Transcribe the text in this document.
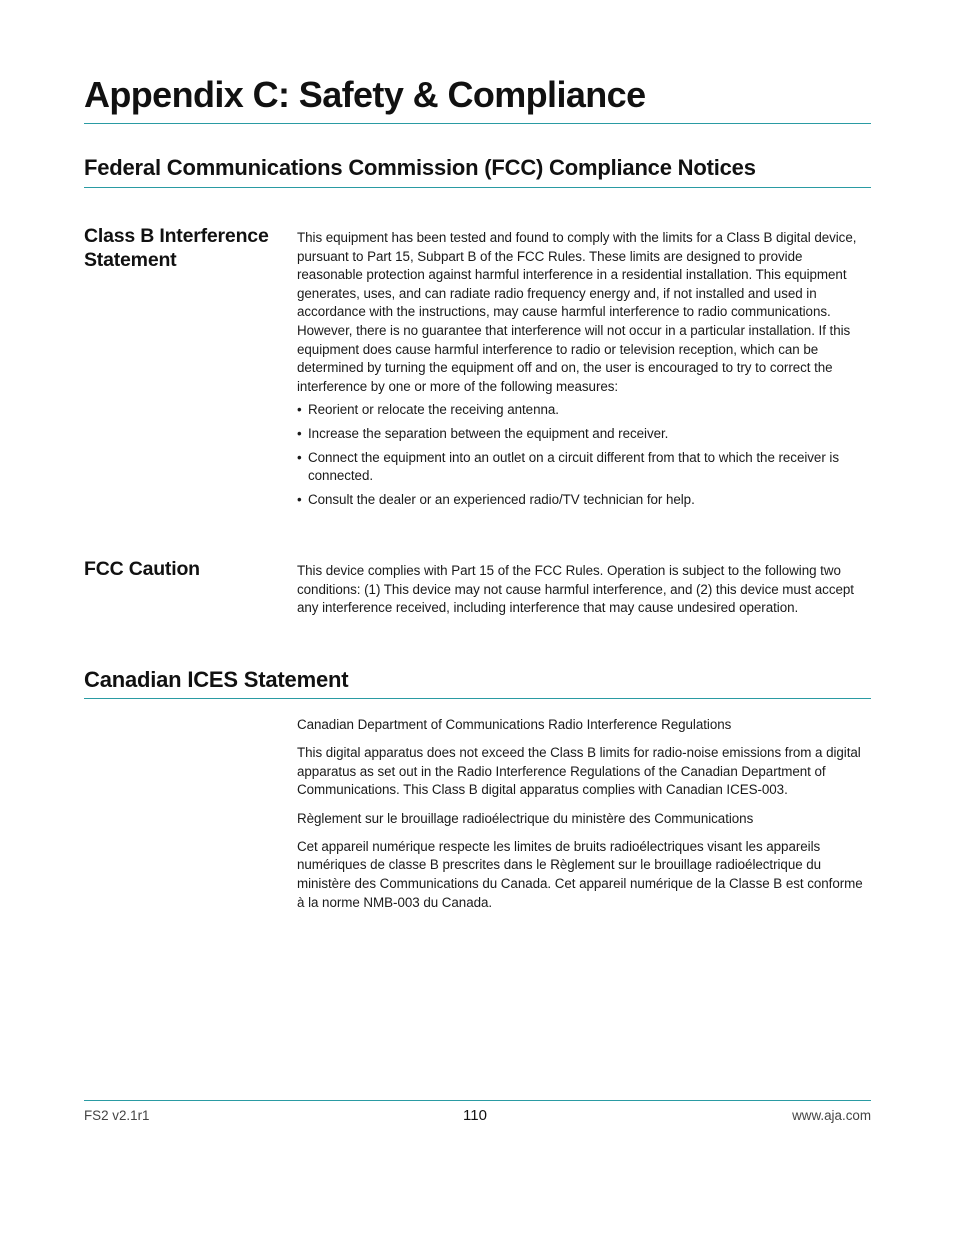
Appendix C: Safety & Compliance
Federal Communications Commission (FCC) Compliance Notices
Class B Interference Statement

This equipment has been tested and found to comply with the limits for a Class B digital device, pursuant to Part 15, Subpart B of the FCC Rules. These limits are designed to provide reasonable protection against harmful interference in a residential installation. This equipment generates, uses, and can radiate radio frequency energy and, if not installed and used in accordance with the instructions, may cause harmful interference to radio communications. However, there is no guarantee that interference will not occur in a particular installation. If this equipment does cause harmful interference to radio or television reception, which can be determined by turning the equipment off and on, the user is encouraged to try to correct the interference by one or more of the following measures:

• Reorient or relocate the receiving antenna.
• Increase the separation between the equipment and receiver.
• Connect the equipment into an outlet on a circuit different from that to which the receiver is connected.
• Consult the dealer or an experienced radio/TV technician for help.
FCC Caution	This device complies with Part 15 of the FCC Rules. Operation is subject to the following two conditions: (1) This device may not cause harmful interference, and (2) this device must accept any interference received, including interference that may cause undesired operation.

Canadian ICES Statement

Canadian Department of Communications Radio Interference Regulations

This digital apparatus does not exceed the Class B limits for radio-noise emissions from a digital apparatus as set out in the Radio Interference Regulations of the Canadian Department of Communications. This Class B digital apparatus complies with Canadian ICES-003.

Règlement sur le brouillage radioélectrique du ministère des Communications

Cet appareil numérique respecte les limites de bruits radioélectriques visant les appareils numériques de classe B prescrites dans le Règlement sur le brouillage radioélectrique du ministère des Communications du Canada. Cet appareil numérique de la Classe B est conforme à la norme NMB-003 du Canada.

FS2 v2.1r1	110	www.aja.com
